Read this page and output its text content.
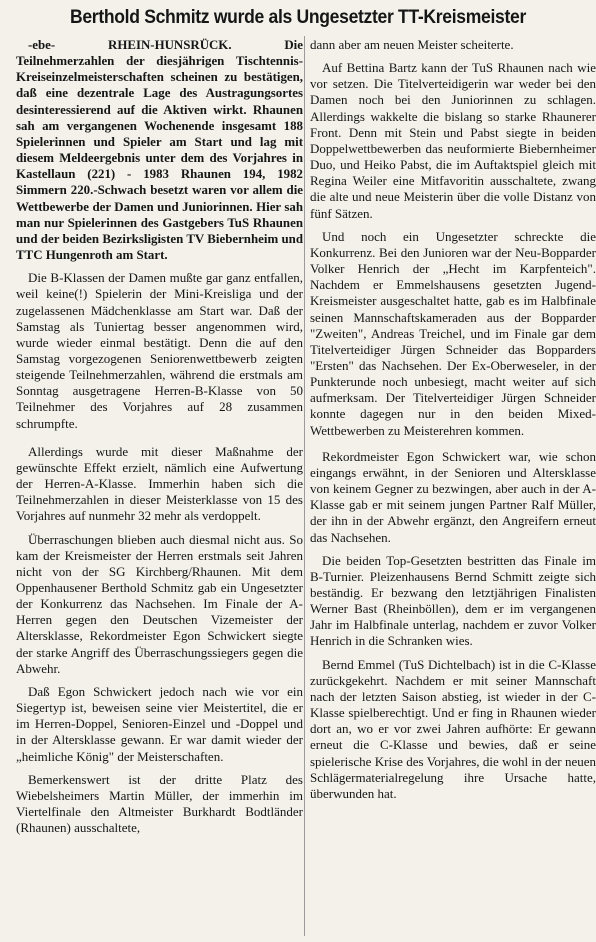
Berthold Schmitz wurde als Ungesetzter TT-Kreismeister

-ebe- RHEIN-HUNSRÜCK. Die Teilnehmerzahlen der diesjährigen Tischtennis-Kreiseinzelmeisterschaften scheinen zu bestätigen, daß eine dezentrale Lage des Austragungsortes desinteressierend auf die Aktiven wirkt. Rhaunen sah am vergangenen Wochenende insgesamt 188 Spielerinnen und Spieler am Start und lag mit diesem Meldeergebnis unter dem des Vorjahres in Kastellaun (221) - 1983 Rhaunen 194, 1982 Simmern 220.-Schwach besetzt waren vor allem die Wettbewerbe der Damen und Juniorinnen. Hier sah man nur Spielerinnen des Gastgebers TuS Rhaunen und der beiden Bezirksligisten TV Biebernheim und TTC Hungenroth am Start.

Die B-Klassen der Damen mußte gar ganz entfallen, weil keine(!) Spielerin der Mini-Kreisliga und der zugelassenen Mädchenklasse am Start war. Daß der Samstag als Tuniertag besser angenommen wird, wurde wieder einmal bestätigt. Denn die auf den Samstag vorgezogenen Seniorenwettbewerb zeigten steigende Teilnehmerzahlen, während die erstmals am Sonntag ausgetragene Herren-B-Klasse von 50 Teilnehmer des Vorjahres auf 28 zusammen schrumpfte.

Allerdings wurde mit dieser Maßnahme der gewünschte Effekt erzielt, nämlich eine Aufwertung der Herren-A-Klasse. Immerhin haben sich die Teilnehmerzahlen in dieser Meisterklasse von 15 des Vorjahres auf nunmehr 32 mehr als verdoppelt.

Überraschungen blieben auch diesmal nicht aus. So kam der Kreismeister der Herren erstmals seit Jahren nicht von der SG Kirchberg/Rhaunen. Mit dem Oppenhausener Berthold Schmitz gab ein Ungesetzter der Konkurrenz das Nachsehen. Im Finale der A-Herren gegen den Deutschen Vizemeister der Altersklasse, Rekordmeister Egon Schwickert siegte der starke Angriff des Überraschungssiegers gegen die Abwehr.

Daß Egon Schwickert jedoch nach wie vor ein Siegertyp ist, beweisen seine vier Meistertitel, die er im Herren-Doppel, Senioren-Einzel und -Doppel und in der Altersklasse gewann. Er war damit wieder der „heimliche König" der Meisterschaften.

Bemerkenswert ist der dritte Platz des Wiebelsheimers Martin Müller, der immerhin im Viertelfinale den Altmeister Burkhardt Bodtländer (Rhaunen) ausschaltete,

dann aber am neuen Meister scheiterte.

Auf Bettina Bartz kann der TuS Rhaunen nach wie vor setzen. Die Titelverteidigerin war weder bei den Damen noch bei den Juniorinnen zu schlagen. Allerdings wakkelte die bislang so starke Rhaunerer Front. Denn mit Stein und Pabst siegte in beiden Doppelwettbewerben das neuformierte Biebernheimer Duo, und Heiko Pabst, die im Auftaktspiel gleich mit Regina Weiler eine Mitfavoritin ausschaltete, zwang die alte und neue Meisterin über die volle Distanz von fünf Sätzen.

Und noch ein Ungesetzter schreckte die Konkurrenz. Bei den Junioren war der Neu-Bopparder Volker Henrich der „Hecht im Karpfenteich". Nachdem er Emmelshausens gesetzten Jugend-Kreismeister ausgeschaltet hatte, gab es im Halbfinale seinen Mannschaftskameraden aus der Bopparder "Zweiten", Andreas Treichel, und im Finale gar dem Titelverteidiger Jürgen Schneider das Bopparders "Ersten" das Nachsehen. Der Ex-Oberweseler, in der Punkterunde noch unbesiegt, macht weiter auf sich aufmerksam. Der Titelverteidiger Jürgen Schneider konnte dagegen nur in den beiden Mixed-Wettbewerben zu Meisterehren kommen.

Rekordmeister Egon Schwickert war, wie schon eingangs erwähnt, in der Senioren und Altersklasse von keinem Gegner zu bezwingen, aber auch in der A-Klasse gab er mit seinem jungen Partner Ralf Müller, der ihn in der Abwehr ergänzt, den Angreifern erneut das Nachsehen.

Die beiden Top-Gesetzten bestritten das Finale im B-Turnier. Pleizenhausens Bernd Schmitt zeigte sich beständig. Er bezwang den letztjährigen Finalisten Werner Bast (Rheinböllen), dem er im vergangenen Jahr im Halbfinale unterlag, nachdem er zuvor Volker Henrich in die Schranken wies.

Bernd Emmel (TuS Dichtelbach) ist in die C-Klasse zurückgekehrt. Nachdem er mit seiner Mannschaft nach der letzten Saison abstieg, ist wieder in der C-Klasse spielberechtigt. Und er fing in Rhaunen wieder dort an, wo er vor zwei Jahren aufhörte: Er gewann erneut die C-Klasse und bewies, daß er seine spielerische Krise des Vorjahres, die wohl in der neuen Schlägermaterialregelung ihre Ursache hatte, überwunden hat.
